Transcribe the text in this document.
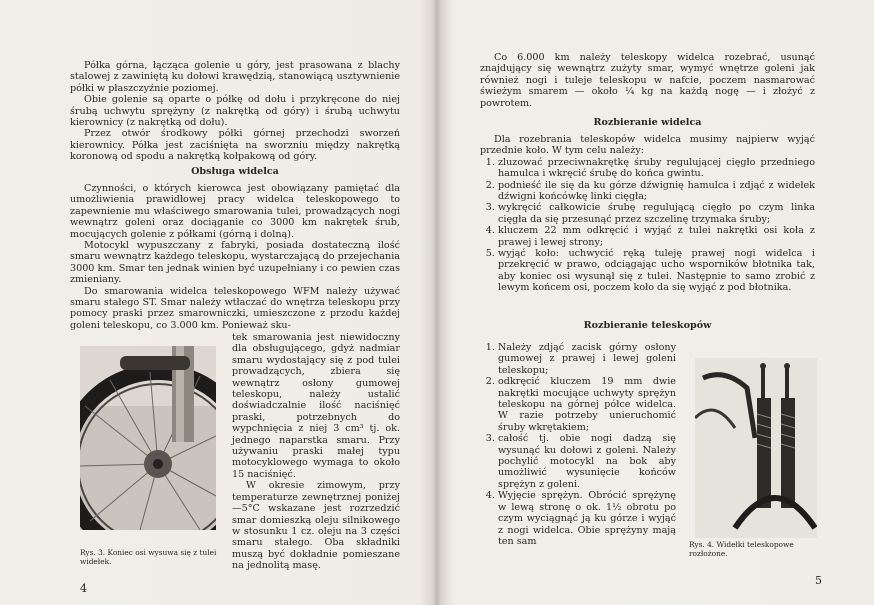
Półka górna, łącząca golenie u góry, jest prasowana z blachy stalowej z zawiniętą ku dołowi krawędzią, stanowiącą usztywnienie półki w płaszczyźnie poziomej.

Obie golenie są oparte o półkę od dołu i przykręcone do niej śrubą uchwytu sprężyny (z nakrętką od góry) i śrubą uchwytu kierownicy (z nakrętką od dołu).

Przez otwór środkowy półki górnej przechodzi sworzeń kierownicy. Półka jest zaciśnięta na sworzniu między nakrętką koronową od spodu a nakrętką kołpakową od góry.

Obsługa widelca

Czynności, o których kierowca jest obowiązany pamiętać dla umożliwienia prawidłowej pracy widelca teleskopowego to zapewnienie mu właściwego smarowania tulei, prowadzących nogi wewnątrz goleni oraz dociąganie co 3000 km nakrętek śrub, mocujących golenie z półkami (górną i dolną).

Motocykl wypuszczany z fabryki, posiada dostateczną ilość smaru wewnątrz każdego teleskopu, wystarczającą do przejechania 3000 km. Smar ten jednak winien być uzupełniany i co pewien czas zmieniany.

Do smarowania widelca teleskopowego WFM należy używać smaru stałego ST. Smar należy wtłaczać do wnętrza teleskopu przy pomocy praski przez smarowniczki, umieszczone z przodu każdej goleni teleskopu, co 3.000 km. Ponieważ sku-

tek smarowania jest niewidoczny dla obsługującego, gdyż nadmiar smaru wydostający się z pod tulei prowadzących, zbiera się wewnątrz osłony gumowej teleskopu, należy ustalić doświadczalnie ilość naciśnięć praski, potrzebnych do wypchnięcia z niej 3 cm³ tj. ok. jednego naparstka smaru. Przy używaniu praski małej typu motocyklowego wymaga to około 15 naciśnięć.

W okresie zimowym, przy temperaturze zewnętrznej poniżej —5°C wskazane jest rozrzedzić smar domieszką oleju silnikowego w stosunku 1 cz. oleju na 3 części smaru stałego. Oba składniki muszą być dokładnie pomieszane na jednolitą masę.

Rys. 3. Koniec osi wysuwa się z tulei widełek.
4

Co 6.000 km należy teleskopy widelca rozebrać, usunąć znajdujący się wewnątrz zużyty smar, wymyć wnętrze goleni jak również nogi i tuleje teleskopu w nafcie, poczem nasmarować świeżym smarem — około ¼ kg na każdą nogę — i złożyć z powrotem.

Rozbieranie widelca

Dla rozebrania teleskopów widelca musimy najpierw wyjąć przednie koło. W tym celu należy:

1. zluzować przeciwnakrętkę śruby regulującej cięgło przedniego hamulca i wkręcić śrubę do końca gwintu.
2. podnieść ile się da ku górze dźwignię hamulca i zdjąć z widełek dźwigni końcówkę linki cięgła;
3. wykręcić całkowicie śrubę regulującą cięgło po czym linka cięgła da się przesunąć przez szczelinę trzymaka śruby;
4. kluczem 22 mm odkręcić i wyjąć z tulei nakrętki osi koła z prawej i lewej strony;
5. wyjąć koło: uchwycić ręką tuleję prawej nogi widelca i przekręcić w prawo, odciągając ucho wsporników błotnika tak, aby koniec osi wysunął się z tulei. Następnie to samo zrobić z lewym końcem osi, poczem koło da się wyjąć z pod błotnika.
Rozbieranie teleskopów
1. Należy zdjąć zacisk górny osłony gumowej z prawej i lewej goleni teleskopu;
2. odkręcić kluczem 19 mm dwie nakrętki mocujące uchwyty sprężyn teleskopu na górnej półce widelca. W razie potrzeby unieruchomić śruby wkrętakiem;
3. całość tj. obie nogi dadzą się wysunąć ku dołowi z goleni. Należy pochylić motocykl na bok aby umożliwić wysunięcie końców sprężyn z goleni.
4. Wyjęcie sprężyn. Obrócić sprężynę w lewą stronę o ok. 1½ obrotu po czym wyciągnąć ją ku górze i wyjąć z nogi widelca. Obie sprężyny mają ten sam	Rys. 4. Widełki teleskopowe rozłożone.
5
